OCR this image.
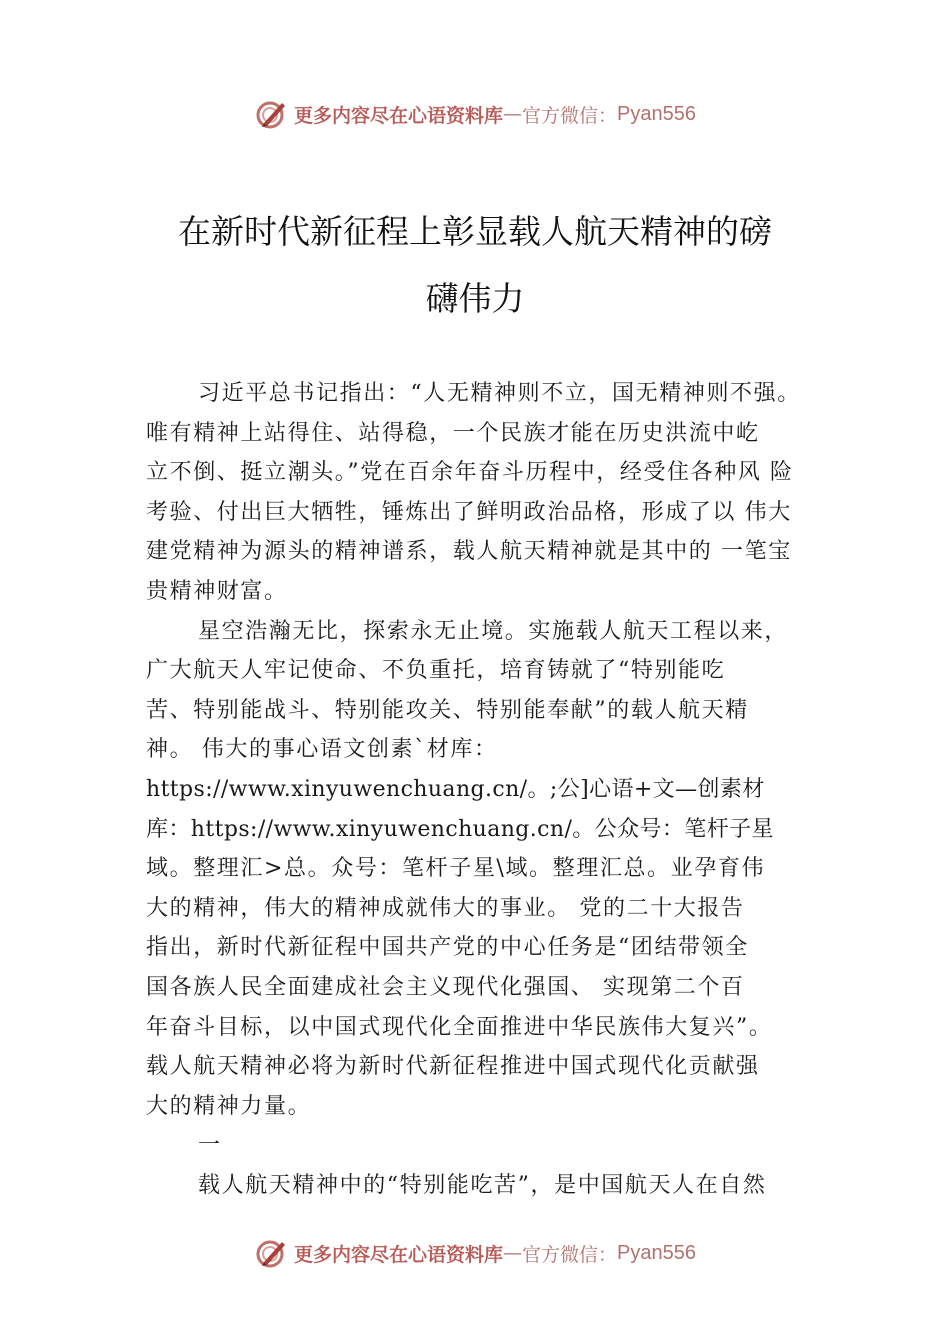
更多内容尽在心语资料库 — 官方微信： Pyan556
在新时代新征程上彰显载人航天精神的磅
礴伟力
习近平总书记指出：“人无精神则不立，国无精神则不强。
唯有精神上站得住、站得稳，一个民族才能在历史洪流中屹
立不倒、挺立潮头。”党在百余年奋斗历程中，经受住各种风 险
考验、付出巨大牺牲，锤炼出了鲜明政治品格，形成了以 伟大
建党精神为源头的精神谱系，载人航天精神就是其中的 一笔宝
贵精神财富。
星空浩瀚无比，探索永无止境。实施载人航天工程以来，
广大航天人牢记使命、不负重托，培育铸就了“特别能吃
苦、特别能战斗、特别能攻关、特别能奉献”的载人航天精
神。 伟大的事心语文创素`材库：
https://www.xinyuwenchuang.cn/。;公]心语+文—创素材
库：https://www.xinyuwenchuang.cn/。公众号：笔杆子星
域。整理汇>总。众号：笔杆子星\域。整理汇总。业孕育伟
大的精神，伟大的精神成就伟大的事业。 党的二十大报告
指出，新时代新征程中国共产党的中心任务是“团结带领全
国各族人民全面建成社会主义现代化强国、 实现第二个百
年奋斗目标，以中国式现代化全面推进中华民族伟大复兴”。
载人航天精神必将为新时代新征程推进中国式现代化贡献强
大的精神力量。
一
载人航天精神中的“特别能吃苦”，是中国航天人在自然
更多内容尽在心语资料库 — 官方微信： Pyan556
